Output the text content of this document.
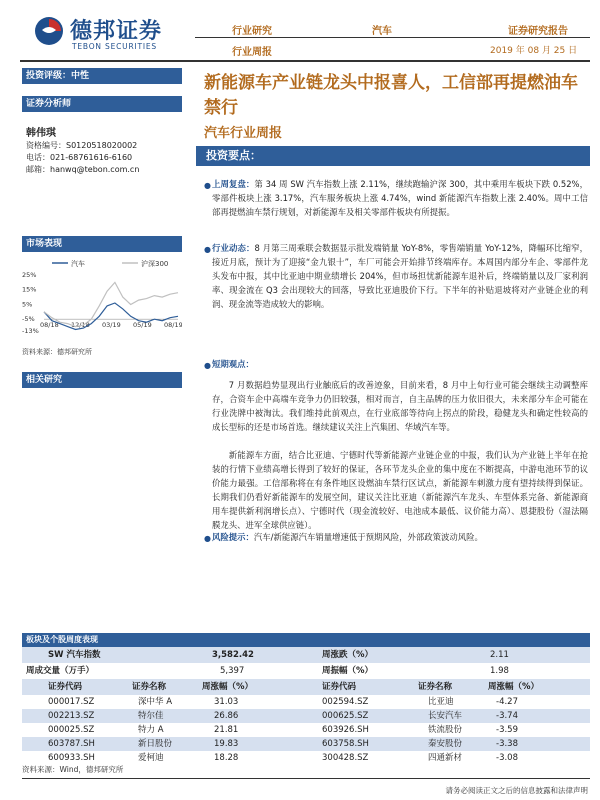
德邦证券
TEBON SECURITIES
行业研究	汽车	证券研究报告
行业周报	2019 年 08 月 25 日
投资评级：中性
证券分析师
韩伟琪
资格编号：S0120518020002
电话：021-68761616-6160
邮箱：hanwq@tebon.com.cn
市场表现
汽车	沪深300
25%
15%
5%
-5%
-13%
08/18 12/18 03/19 05/19 08/19
资料来源：德邦研究所
相关研究
新能源车产业链龙头中报喜人，工信部再提燃油车禁行
汽车行业周报
投资要点：
● 上周复盘：第 34 周 SW 汽车指数上涨 2.11%，继续跑输沪深 300，其中乘用车板块下跌 0.52%，零部件板块上涨 3.17%，汽车服务板块上涨 4.74%，wind 新能源汽车指数上涨 2.40%。周中工信部再提燃油车禁行规划，对新能源车及相关零部件板块有所提振。
● 行业动态：8 月第三周乘联会数据显示批发端销量 YoY-8%，零售端销量 YoY-12%，降幅环比缩窄，接近月底，预计为了迎接“金九银十”，车厂可能会开始排节终端库存。本周国内部分车企、零部件龙头发布中报，其中比亚迪中期业绩增长 204%，但市场担忧新能源车退补后，终端销量以及厂家利润率、现金流在 Q3 会出现较大的回落，导致比亚迪股价下行。下半年的补贴退坡将对产业链企业的利润、现金流等造成较大的影响。
● 短期观点：
7 月数据趋势显现出行业触底后的改善迹象，目前来看，8 月中上旬行业可能会继续主动调整库存，合资车企中高端车竞争力仍旧较强，相对而言，自主品牌的压力依旧很大，未来部分车企可能在行业洗牌中被淘汰。我们维持此前观点，在行业底部等待向上拐点的阶段，稳健龙头和确定性较高的成长型标的还是市场首选。继续建议关注上汽集团、华域汽车等。
新能源车方面，结合比亚迪、宁德时代等新能源产业链企业的中报，我们认为产业链上半年在抢装的行情下业绩高增长得到了较好的保证，各环节龙头企业的集中度在不断提高，中游电池环节的议价能力最强。工信部称将在有条件地区设燃油车禁行区试点，新能源车刺激力度有望持续得到保证。长期我们仍看好新能源车的发展空间，建议关注比亚迪（新能源汽车龙头、车型体系完备、新能源商用车提供新利润增长点）、宁德时代（现金流较好、电池成本最低、议价能力高）、恩捷股份（湿法隔膜龙头、进军全球供应链）。
● 风险提示：汽车/新能源汽车销量增速低于预期风险，外部政策波动风险。
板块及个股周度表现
SW 汽车指数	3,582.42	周涨跌（%）	2.11
周成交量（万手）	5,397	周振幅（%）	1.98
证券代码	证券名称	周涨幅（%）	证券代码	证券名称	周涨幅（%）
000017.SZ	深中华 A	31.03	002594.SZ	比亚迪	-4.27
002213.SZ	特尔佳	26.86	000625.SZ	长安汽车	-3.74
000025.SZ	特力 A	21.81	603926.SH	铁流股份	-3.59
603787.SH	新日股份	19.83	603758.SH	秦安股份	-3.38
600933.SH	爱柯迪	18.28	300428.SZ	四通新材	-3.08
资料来源：Wind，德邦研究所
请务必阅读正文之后的信息披露和法律声明
